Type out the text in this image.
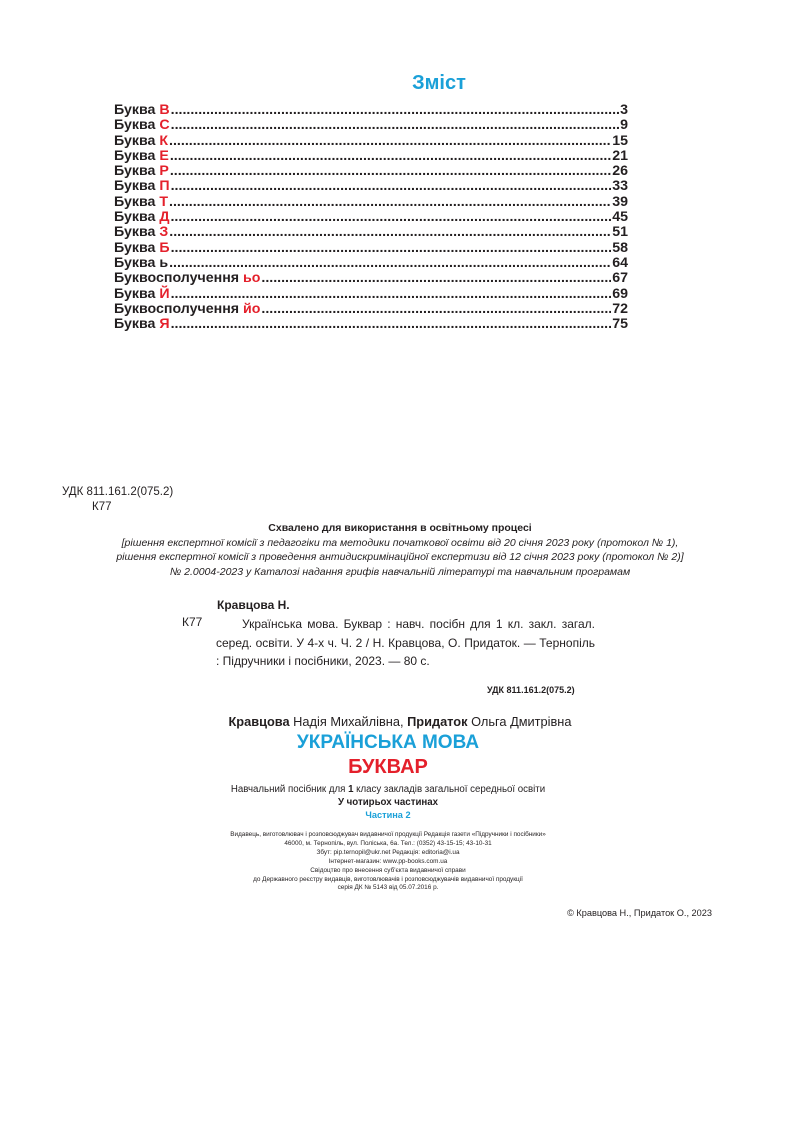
Зміст
Буква В .....	3
Буква С .....	9
Буква К .....	15
Буква Е .....	21
Буква Р .....	26
Буква П .....	33
Буква Т .....	39
Буква Д .....	45
Буква З .....	51
Буква Б .....	58
Буква ь .....	64
Буквосполучення ьо .....	67
Буква Й .....	69
Буквосполучення йо .....	72
Буква Я .....	75
УДК 811.161.2(075.2)
К77
Схвалено для використання в освітньому процесі
[рішення експертної комісії з педагогіки та методики початкової освіти від 20 січня 2023 року (протокол № 1),
рішення експертної комісії з проведення антидискримінаційної експертизи від 12 січня 2023 року (протокол № 2)]
№ 2.0004-2023 у Каталозі надання грифів навчальній літературі та навчальним програмам
Кравцова Н.
К77	Українська мова. Буквар : навч. посібн для 1 кл. закл. загал. серед. освіти. У 4-х ч. Ч. 2 / Н. Кравцова, О. Придаток. — Тернопіль : Підручники і посібники, 2023. — 80 с.
УДК 811.161.2(075.2)
Кравцова Надія Михайлівна, Придаток Ольга Дмитрівна
УКРАЇНСЬКА МОВА
БУКВАР
Навчальний посібник для 1 класу закладів загальної середньої освіти
У чотирьох частинах
Частина 2
Видавець, виготовлювач і розповсюджувач видавничої продукції Редакція газети «Підручники і посібники»
46000, м. Тернопіль, вул. Поліська, 6а. Тел.: (0352) 43-15-15; 43-10-31
Збут: pip.ternopil@ukr.net Редакція: editoria@i.ua
Інтернет-магазин: www.pp-books.com.ua
Свідоцтво про внесення суб'єкта видавничої справи
до Державного реєстру видавців, виготовлювачів і розповсюджувачів видавничої продукції
серія ДК № 5143 від 05.07.2016 р.
© Кравцова Н., Придаток О., 2023
